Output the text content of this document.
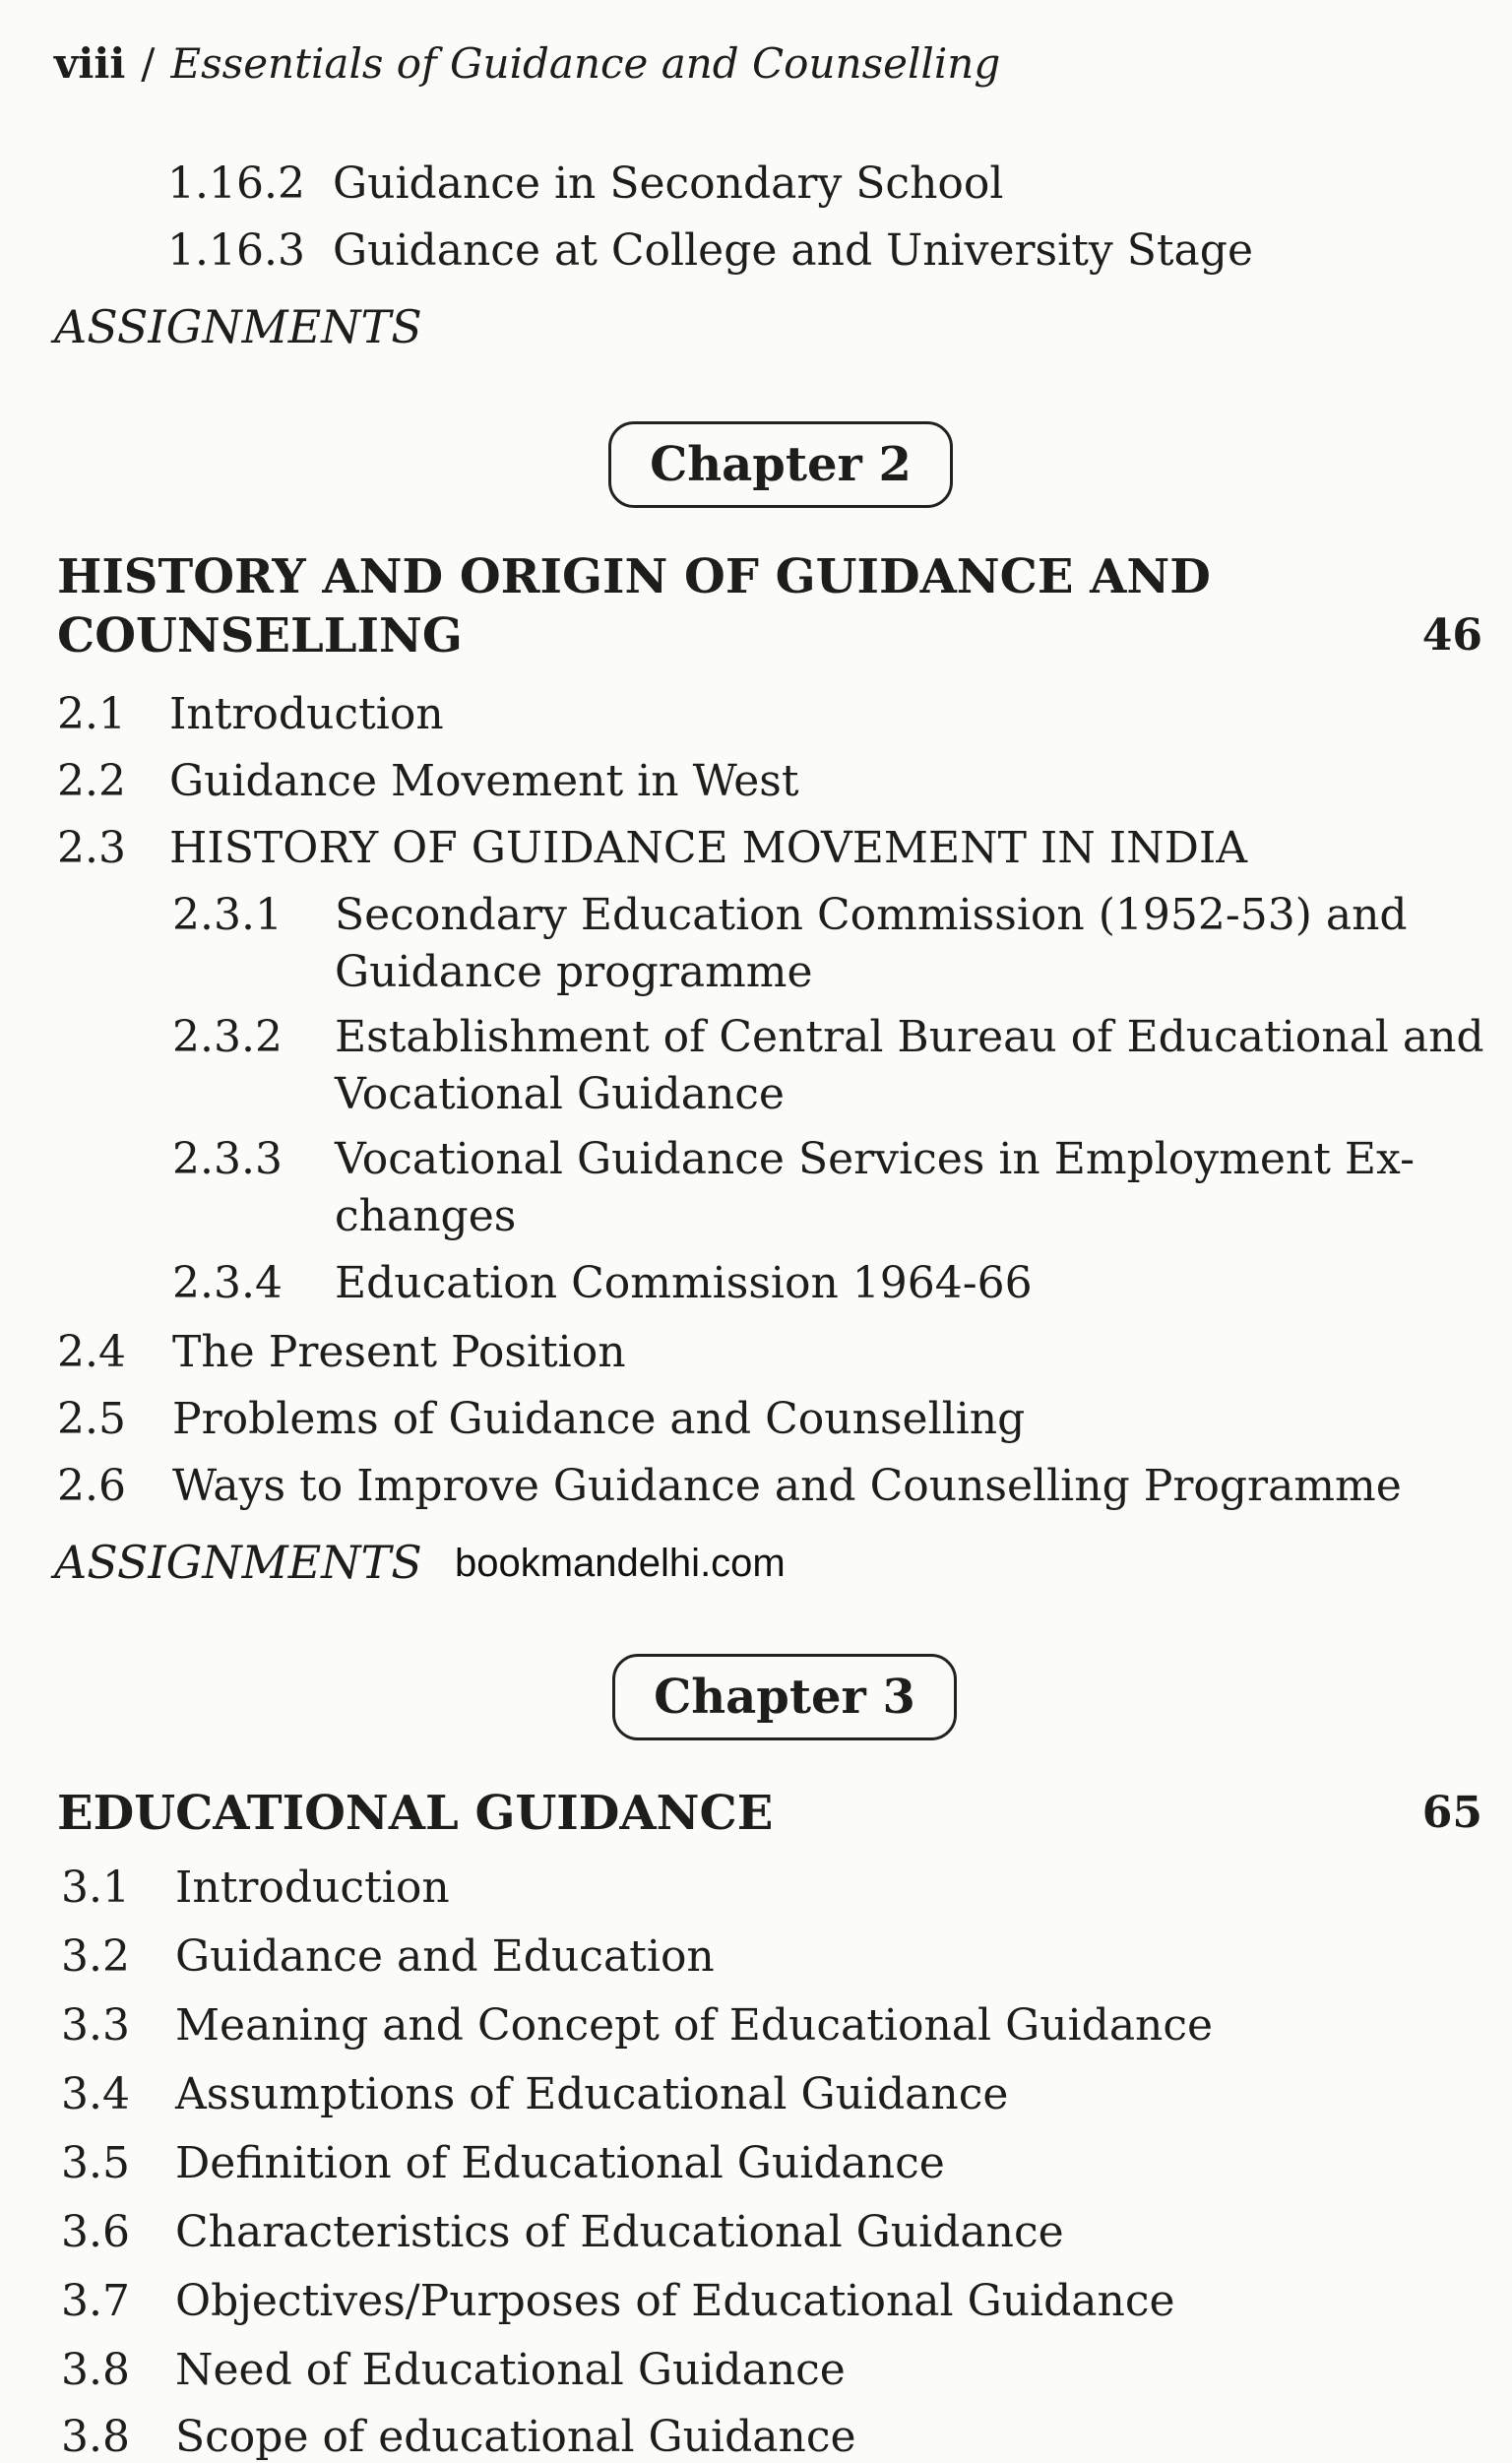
viii / Essentials of Guidance and Counselling
1.16.2 Guidance in Secondary School
1.16.3 Guidance at College and University Stage
ASSIGNMENTS
Chapter 2
HISTORY AND ORIGIN OF GUIDANCE AND
COUNSELLING	46
2.1 Introduction
2.2 Guidance Movement in West
2.3 HISTORY OF GUIDANCE MOVEMENT IN INDIA
2.3.1 Secondary Education Commission (1952-53) and
Guidance programme
2.3.2 Establishment of Central Bureau of Educational and
Vocational Guidance
2.3.3 Vocational Guidance Services in Employment Ex-
changes
2.3.4 Education Commission 1964-66
2.4 The Present Position
2.5 Problems of Guidance and Counselling
2.6 Ways to Improve Guidance and Counselling Programme
ASSIGNMENTS bookmandelhi.com
Chapter 3
EDUCATIONAL GUIDANCE	65
3.1 Introduction
3.2 Guidance and Education
3.3 Meaning and Concept of Educational Guidance
3.4 Assumptions of Educational Guidance
3.5 Definition of Educational Guidance
3.6 Characteristics of Educational Guidance
3.7 Objectives/Purposes of Educational Guidance
3.8 Need of Educational Guidance
3.8 Scope of educational Guidance
